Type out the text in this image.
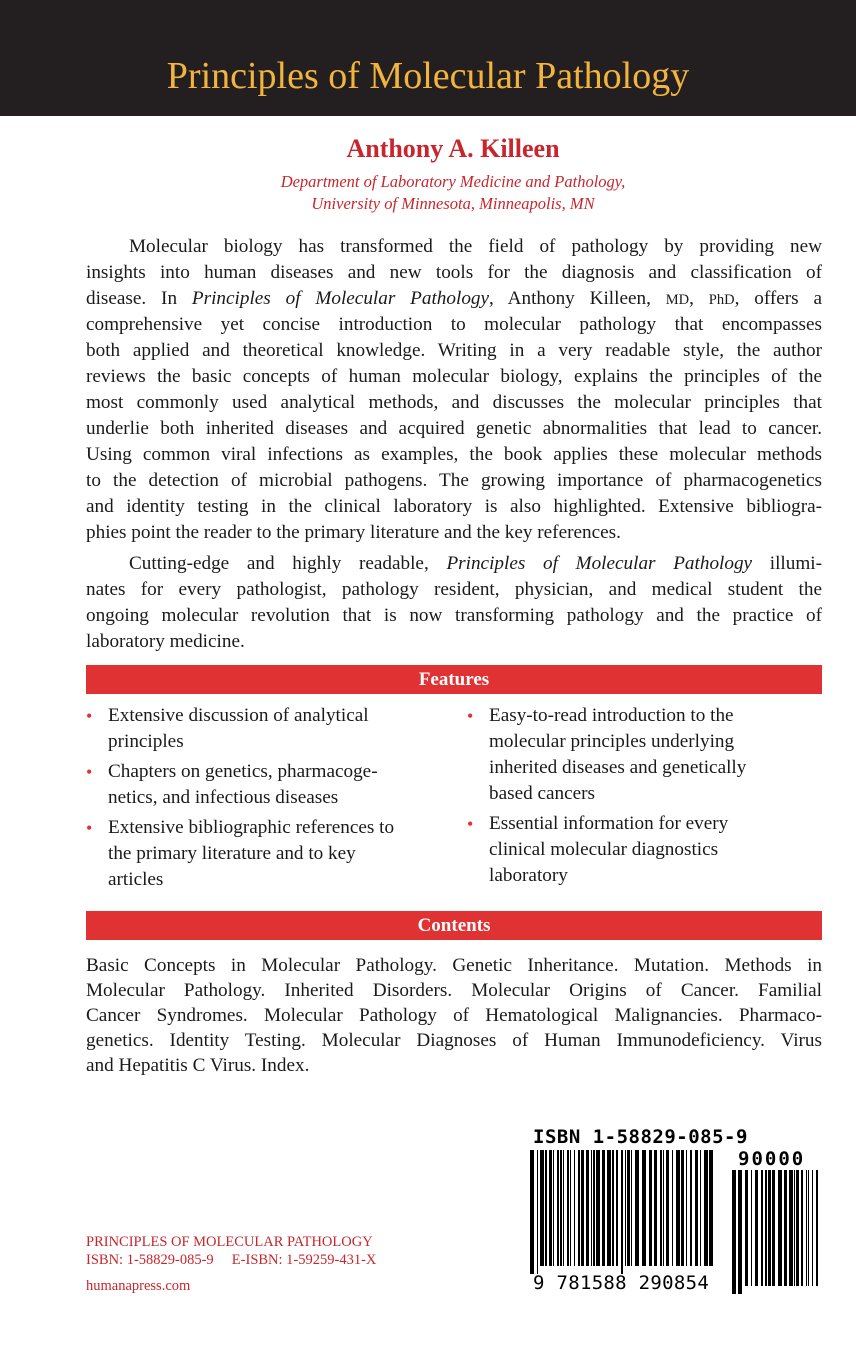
Principles of Molecular Pathology
Anthony A. Killeen
Department of Laboratory Medicine and Pathology,
University of Minnesota, Minneapolis, MN
Molecular biology has transformed the field of pathology by providing new
insights into human diseases and new tools for the diagnosis and classification of
disease. In Principles of Molecular Pathology, Anthony Killeen, MD, PhD, offers a
comprehensive yet concise introduction to molecular pathology that encompasses
both applied and theoretical knowledge. Writing in a very readable style, the author
reviews the basic concepts of human molecular biology, explains the principles of the
most commonly used analytical methods, and discusses the molecular principles that
underlie both inherited diseases and acquired genetic abnormalities that lead to cancer.
Using common viral infections as examples, the book applies these molecular methods
to the detection of microbial pathogens. The growing importance of pharmacogenetics
and identity testing in the clinical laboratory is also highlighted. Extensive bibliogra-
phies point the reader to the primary literature and the key references.
Cutting-edge and highly readable, Principles of Molecular Pathology illumi-
nates for every pathologist, pathology resident, physician, and medical student the
ongoing molecular revolution that is now transforming pathology and the practice of
laboratory medicine.
Features
• Extensive discussion of analytical
principles
• Chapters on genetics, pharmacoge-
netics, and infectious diseases
• Extensive bibliographic references to
the primary literature and to key
articles
• Easy-to-read introduction to the
molecular principles underlying
inherited diseases and genetically
based cancers
• Essential information for every
clinical molecular diagnostics
laboratory
Contents
Basic Concepts in Molecular Pathology. Genetic Inheritance. Mutation. Methods in
Molecular Pathology. Inherited Disorders. Molecular Origins of Cancer. Familial
Cancer Syndromes. Molecular Pathology of Hematological Malignancies. Pharmaco-
genetics. Identity Testing. Molecular Diagnoses of Human Immunodeficiency. Virus
and Hepatitis C Virus. Index.
PRINCIPLES OF MOLECULAR PATHOLOGY
ISBN: 1-58829-085-9     E-ISBN: 1-59259-431-X
humanapress.com
ISBN 1-58829-085-9
90000
9 781588 290854
